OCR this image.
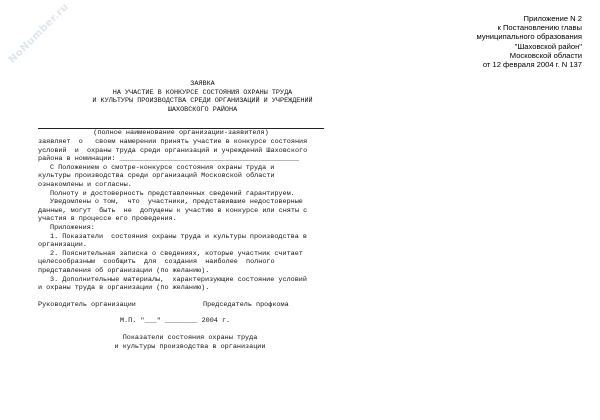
NoNumber.ru	Приложение N 2
к Постановлению главы
муниципального образования
"Шаховской район"
Московской области
от 12 февраля 2004 г. N 137
ЗАЯВКА
НА УЧАСТИЕ В КОНКУРСЕ СОСТОЯНИЯ ОХРАНЫ ТРУДА
И КУЛЬТУРЫ ПРОИЗВОДСТВА СРЕДИ ОРГАНИЗАЦИЙ И УЧРЕЖДЕНИЙ
ШАХОВСКОГО РАЙОНА
(полное наименование организации-заявителя)
заявляет  о   своем намерении принять участие в конкурсе состояния
условий  и  охраны труда среди организаций и учреждений Шаховского
района в номинации: ____________________________________________
С Положением о смотре-конкурсе состояния охраны труда и
культуры производства среди организаций Московской области
ознакомлены и согласны.
Полноту и достоверность представленных сведений гарантируем.
Уведомлены о том,  что  участники, представившие недостоверные
данные, могут  быть  не  допущены к участию в конкурсе или сняты с
участия в процессе его проведения.
Приложения:
1. Показатели  состояния охраны труда и культуры производства в
организации.
2. Пояснительная записка о сведениях, которые участник считает
целесообразным  сообщить  для  создания  наиболее  полного
представления об организации (по желанию).
3. Дополнительные материалы,  характеризующие состояние условий
и охраны труда в организации (по желанию).
Руководитель организации	Председатель профкома
М.П. "___" ________ 2004 г.
Показатели состояния охраны труда
и культуры производства в организации
